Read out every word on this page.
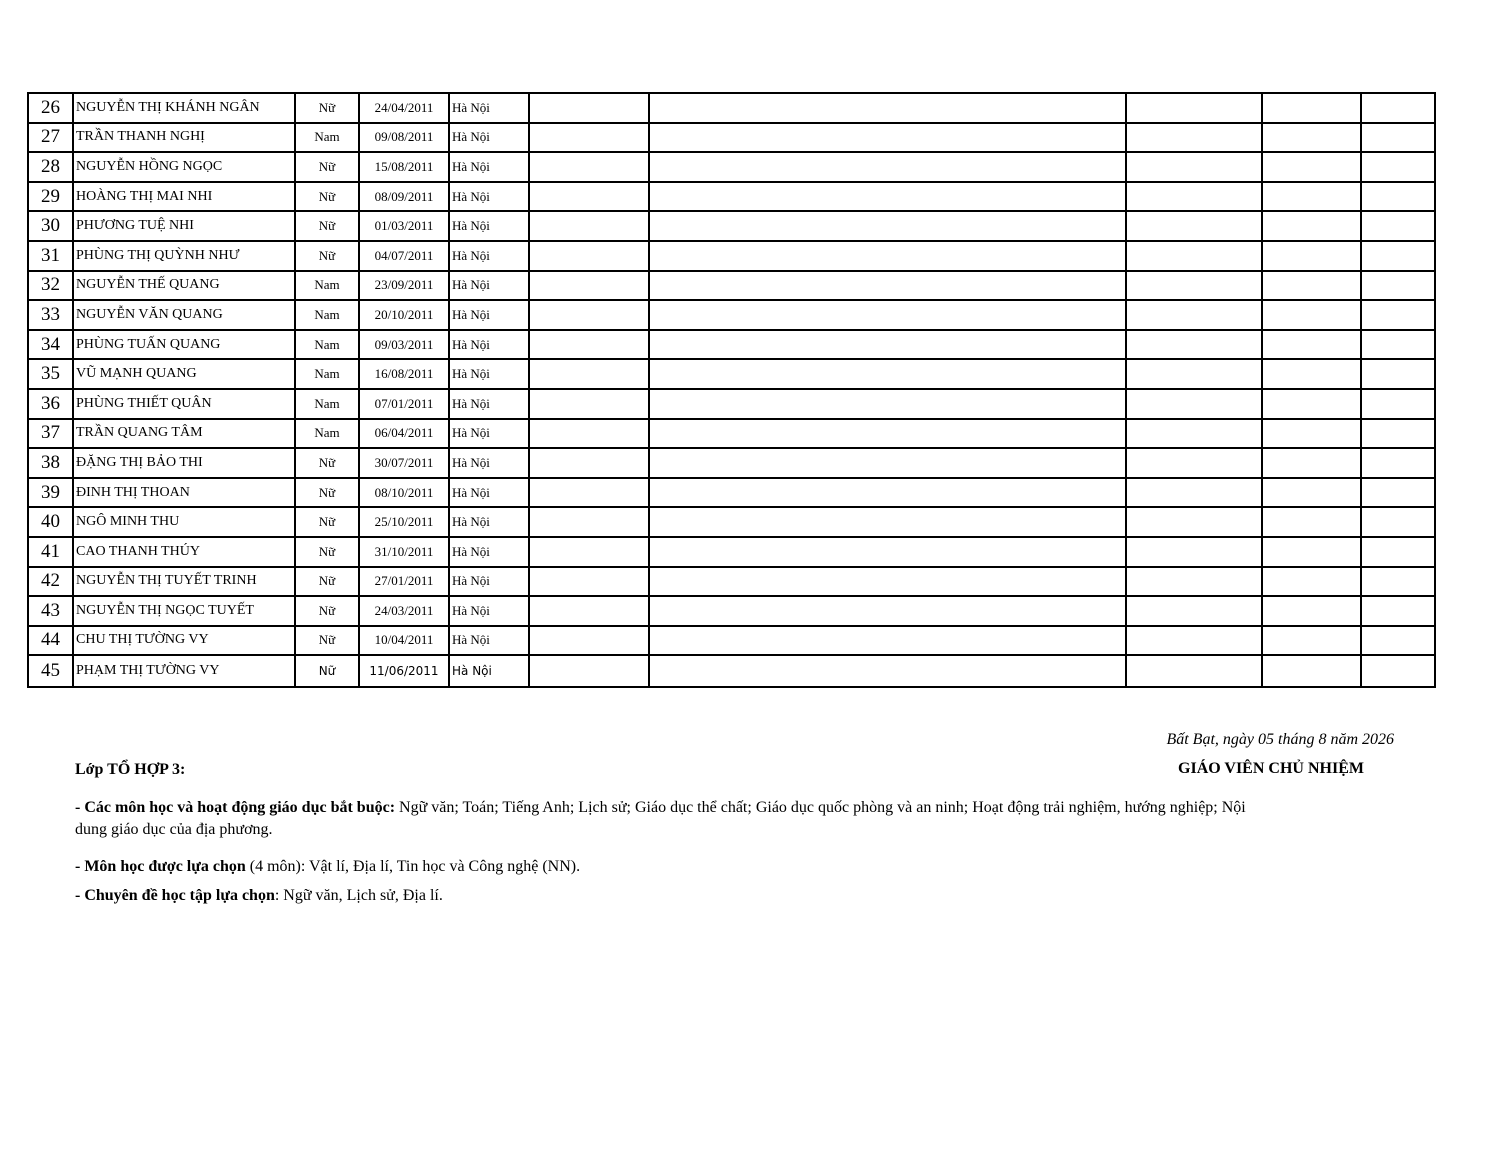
26	NGUYỄN THỊ KHÁNH NGÂN	Nữ	24/04/2011	Hà Nội					
27	TRẦN THANH NGHỊ	Nam	09/08/2011	Hà Nội					
28	NGUYỄN HỒNG NGỌC	Nữ	15/08/2011	Hà Nội					
29	HOÀNG THỊ MAI NHI	Nữ	08/09/2011	Hà Nội					
30	PHƯƠNG TUỆ NHI	Nữ	01/03/2011	Hà Nội					
31	PHÙNG THỊ QUỲNH NHƯ	Nữ	04/07/2011	Hà Nội					
32	NGUYỄN THẾ QUANG	Nam	23/09/2011	Hà Nội					
33	NGUYỄN VĂN QUANG	Nam	20/10/2011	Hà Nội					
34	PHÙNG TUẤN QUANG	Nam	09/03/2011	Hà Nội					
35	VŨ MẠNH QUANG	Nam	16/08/2011	Hà Nội					
36	PHÙNG THIẾT QUÂN	Nam	07/01/2011	Hà Nội					
37	TRẦN QUANG TÂM	Nam	06/04/2011	Hà Nội					
38	ĐẶNG THỊ BẢO THI	Nữ	30/07/2011	Hà Nội					
39	ĐINH THỊ THOAN	Nữ	08/10/2011	Hà Nội					
40	NGÔ MINH THU	Nữ	25/10/2011	Hà Nội					
41	CAO THANH THÚY	Nữ	31/10/2011	Hà Nội					
42	NGUYỄN THỊ TUYẾT TRINH	Nữ	27/01/2011	Hà Nội					
43	NGUYỄN THỊ NGỌC TUYẾT	Nữ	24/03/2011	Hà Nội					
44	CHU THỊ TƯỜNG VY	Nữ	10/04/2011	Hà Nội					
45	PHẠM THỊ TƯỜNG VY	Nữ	11/06/2011	Hà Nội					
Bất Bạt, ngày 05 tháng 8 năm 2026
GIÁO VIÊN CHỦ NHIỆM
Lớp TỔ HỢP 3:
- Các môn học và hoạt động giáo dục bắt buộc: Ngữ văn; Toán; Tiếng Anh; Lịch sử; Giáo dục thể chất; Giáo dục quốc phòng và an ninh; Hoạt động trải nghiệm, hướng nghiệp; Nội dung giáo dục của địa phương.
- Môn học được lựa chọn (4 môn): Vật lí, Địa lí, Tin học và Công nghệ (NN).
- Chuyên đề học tập lựa chọn: Ngữ văn, Lịch sử, Địa lí.
